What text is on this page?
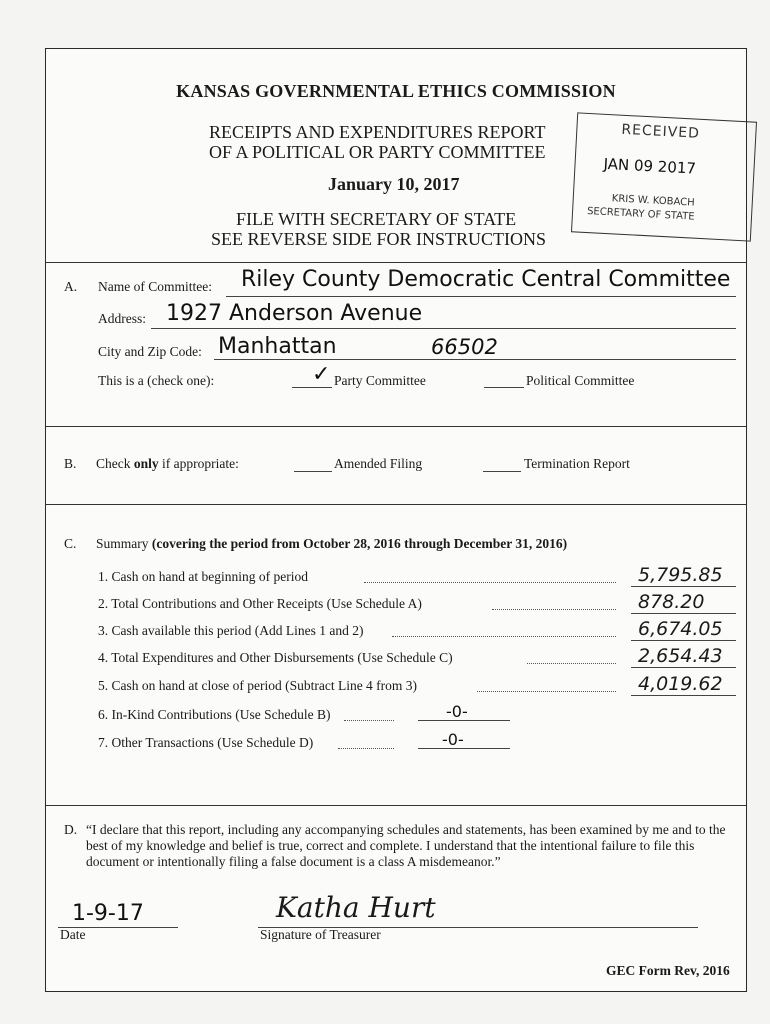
KANSAS GOVERNMENTAL ETHICS COMMISSION
RECEIPTS AND EXPENDITURES REPORT
OF A POLITICAL OR PARTY COMMITTEE
January 10, 2017
FILE WITH SECRETARY OF STATE
SEE REVERSE SIDE FOR INSTRUCTIONS
RECEIVED
JAN 09 2017
KRIS W. KOBACH
SECRETARY OF STATE
A. Name of Committee: Riley County Democratic Central Committee
Address: 1927 Anderson Avenue
City and Zip Code: Manhattan	66502
This is a (check one):	✓ Party Committee	Political Committee
B. Check only if appropriate:	Amended Filing	Termination Report
C. Summary (covering the period from October 28, 2016 through December 31, 2016)
1. Cash on hand at beginning of period	5,795.85
2. Total Contributions and Other Receipts (Use Schedule A)	878.20
3. Cash available this period (Add Lines 1 and 2)	6,674.05
4. Total Expenditures and Other Disbursements (Use Schedule C)	2,654.43
5. Cash on hand at close of period (Subtract Line 4 from 3)	4,019.62
6. In-Kind Contributions (Use Schedule B)	-0-
7. Other Transactions (Use Schedule D)	-0-
D. “I declare that this report, including any accompanying schedules and statements, has been examined by me and to the best of my knowledge and belief is true, correct and complete. I understand that the intentional failure to file this document or intentionally filing a false document is a class A misdemeanor.”
1-9-17
Date
Katha Hurt
Signature of Treasurer
GEC Form Rev, 2016
